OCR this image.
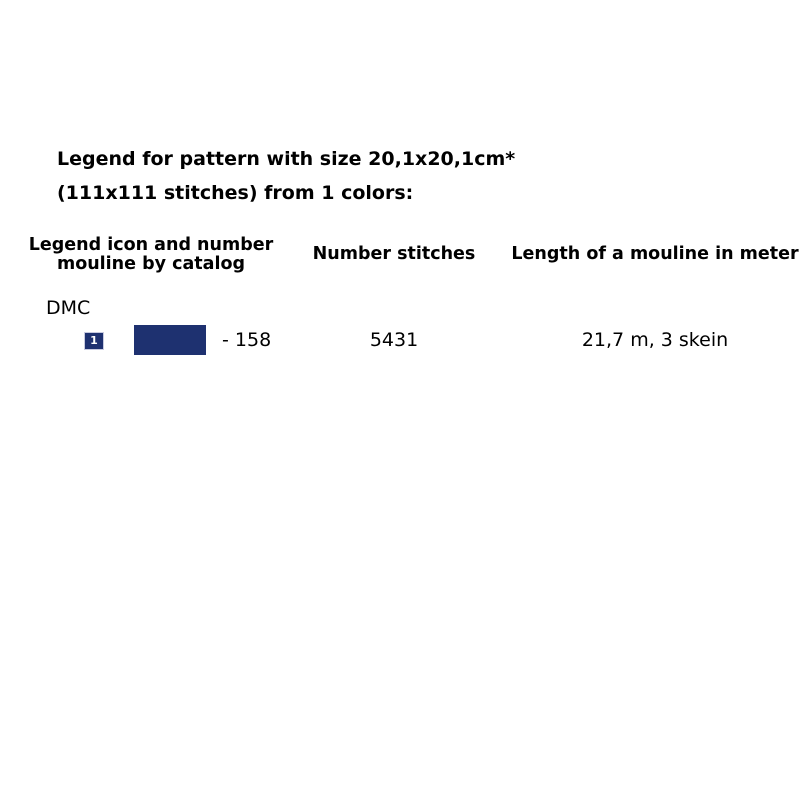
Legend for pattern with size 20,1x20,1cm*
(111x111 stitches) from 1 colors:
Legend icon and number
mouline by catalog	Number stitches	Length of a mouline in meter
DMC
1	- 158	5431	21,7 m, 3 skein
